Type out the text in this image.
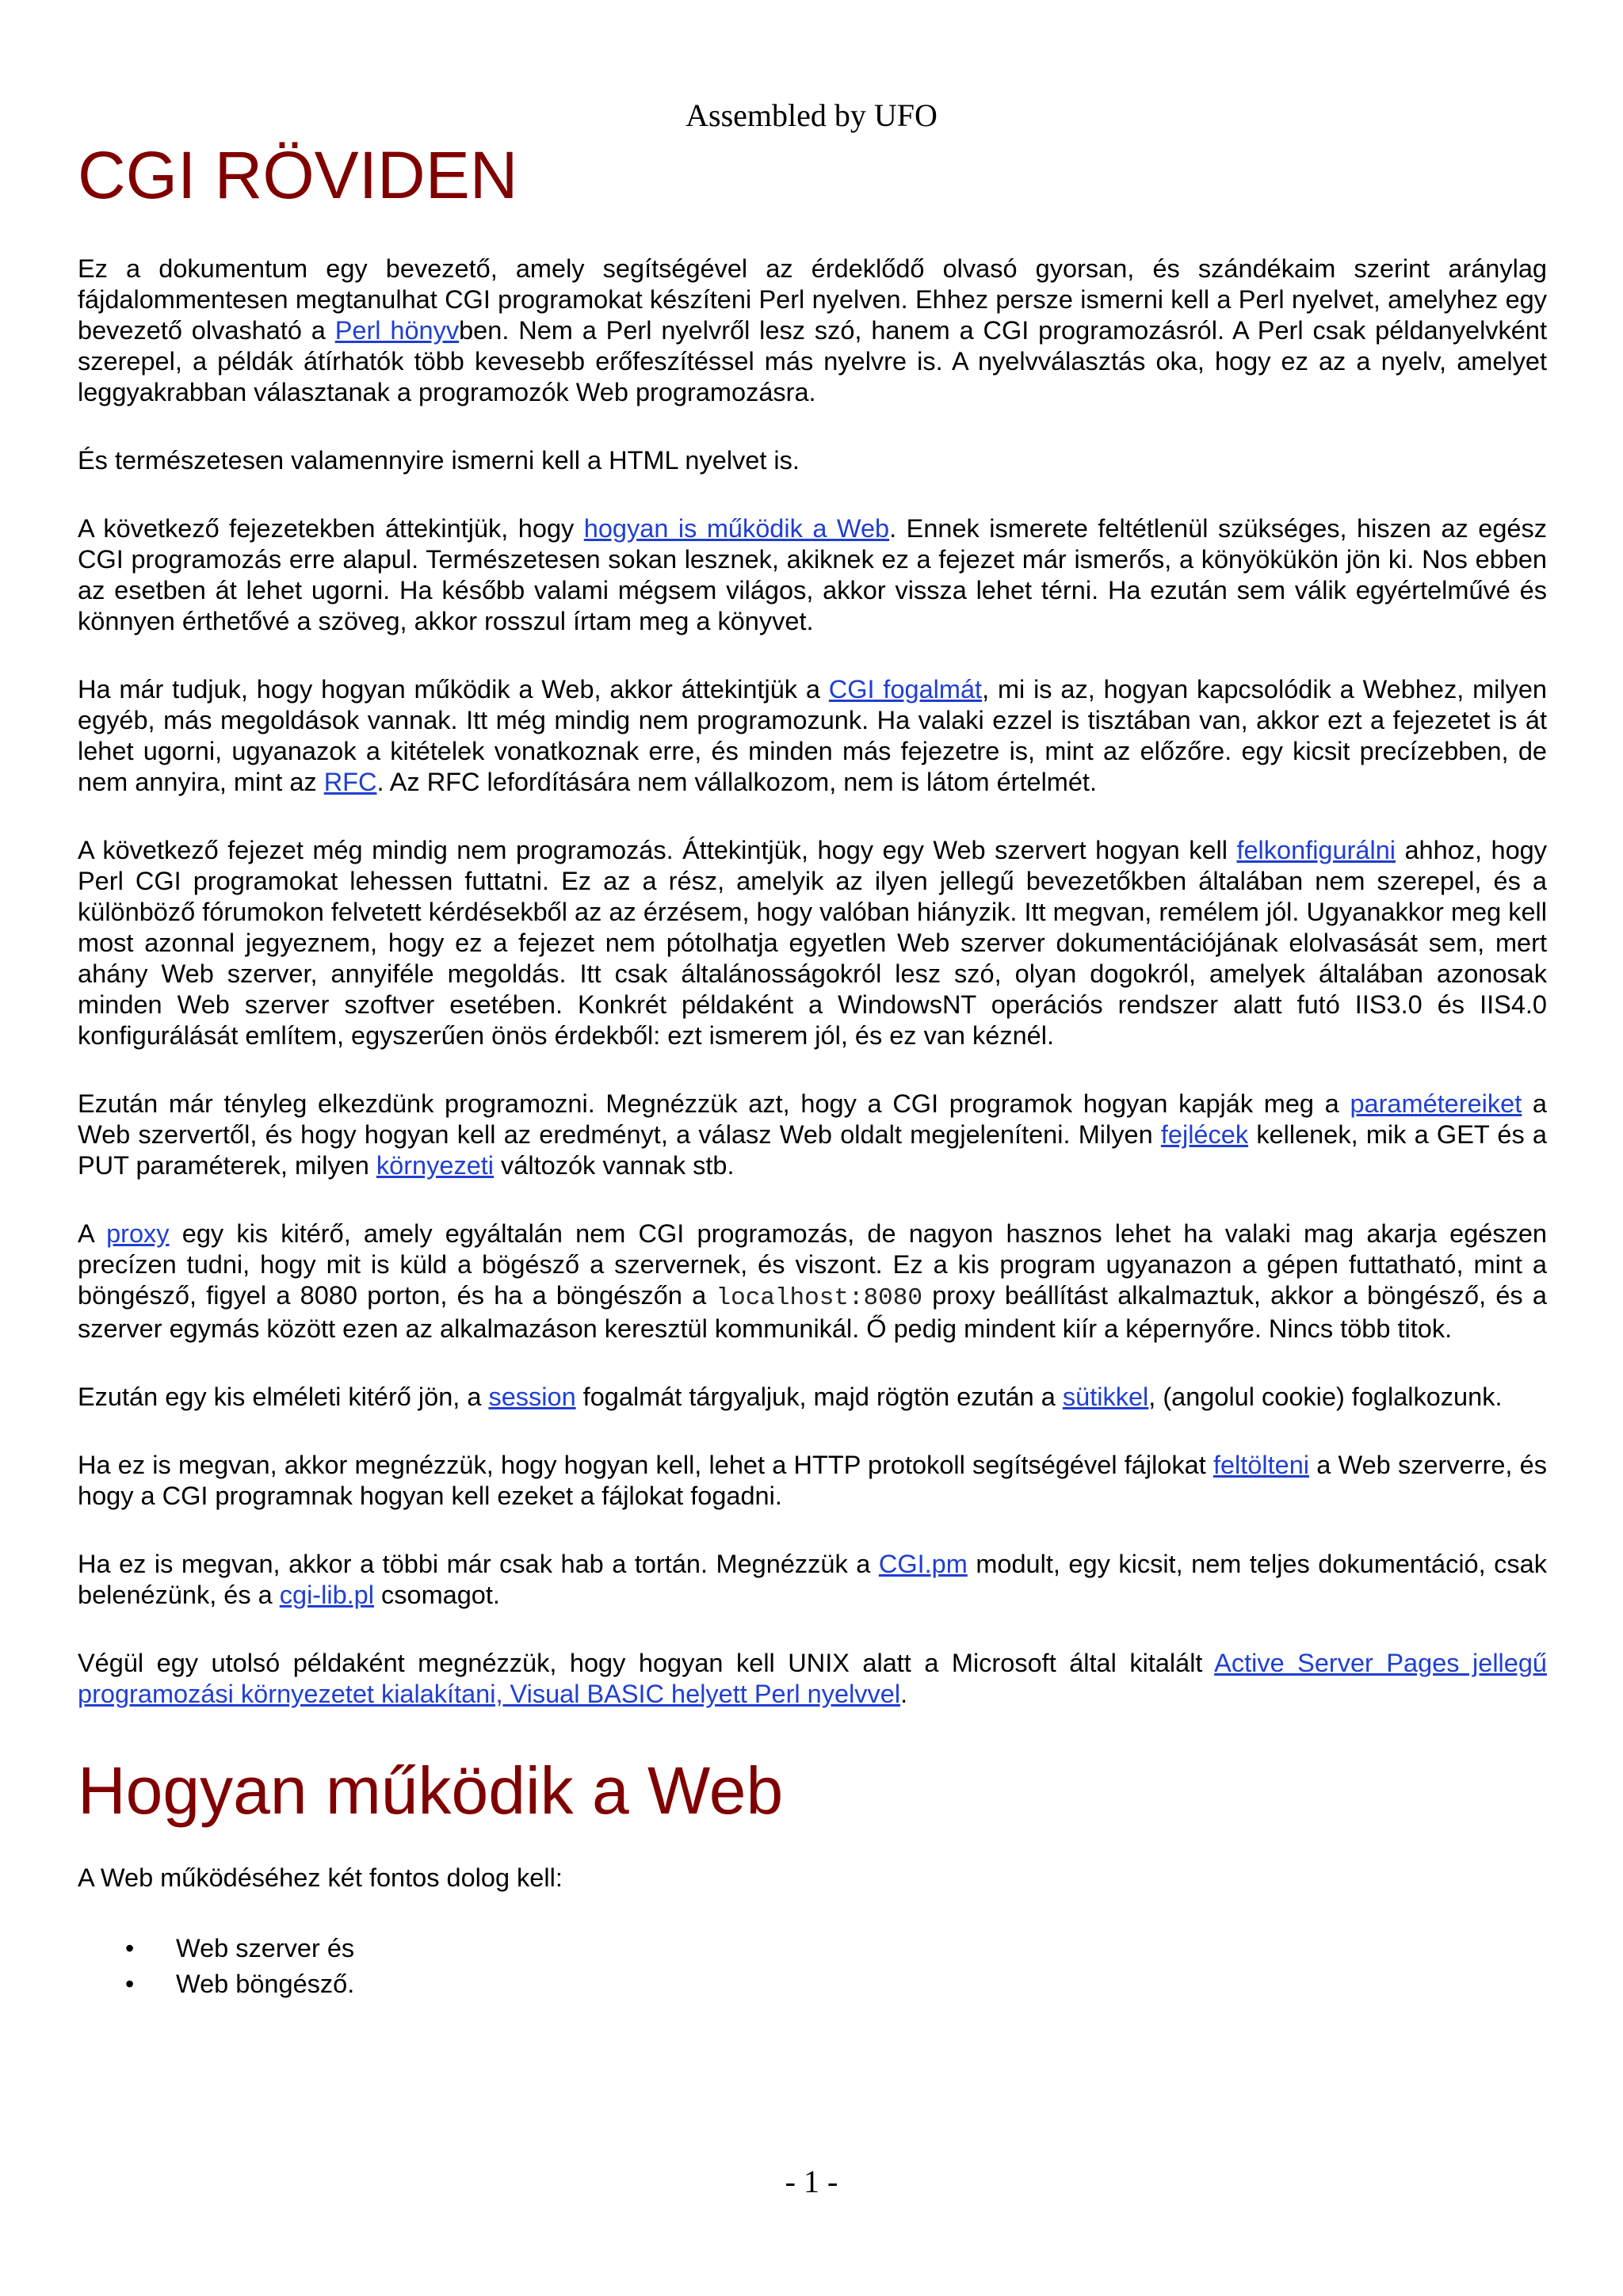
Assembled by UFO
CGI RÖVIDEN

Ez a dokumentum egy bevezető, amely segítségével az érdeklődő olvasó gyorsan, és szándékaim szerint aránylag fájdalommentesen megtanulhat CGI programokat készíteni Perl nyelven. Ehhez persze ismerni kell a Perl nyelvet, amelyhez egy bevezető olvasható a Perl hönyvben. Nem a Perl nyelvről lesz szó, hanem a CGI programozásról. A Perl csak példanyelvként szerepel, a példák átírhatók több kevesebb erőfeszítéssel más nyelvre is. A nyelvválasztás oka, hogy ez az a nyelv, amelyet leggyakrabban választanak a programozók Web programozásra.

És természetesen valamennyire ismerni kell a HTML nyelvet is.

A következő fejezetekben áttekintjük, hogy hogyan is működik a Web. Ennek ismerete feltétlenül szükséges, hiszen az egész CGI programozás erre alapul. Természetesen sokan lesznek, akiknek ez a fejezet már ismerős, a könyökükön jön ki. Nos ebben az esetben át lehet ugorni. Ha később valami mégsem világos, akkor vissza lehet térni. Ha ezután sem válik egyértelművé és könnyen érthetővé a szöveg, akkor rosszul írtam meg a könyvet.

Ha már tudjuk, hogy hogyan működik a Web, akkor áttekintjük a CGI fogalmát, mi is az, hogyan kapcsolódik a Webhez, milyen egyéb, más megoldások vannak. Itt még mindig nem programozunk. Ha valaki ezzel is tisztában van, akkor ezt a fejezetet is át lehet ugorni, ugyanazok a kitételek vonatkoznak erre, és minden más fejezetre is, mint az előzőre. egy kicsit precízebben, de nem annyira, mint az RFC. Az RFC lefordítására nem vállalkozom, nem is látom értelmét.

A következő fejezet még mindig nem programozás. Áttekintjük, hogy egy Web szervert hogyan kell felkonfigurálni ahhoz, hogy Perl CGI programokat lehessen futtatni. Ez az a rész, amelyik az ilyen jellegű bevezetőkben általában nem szerepel, és a különböző fórumokon felvetett kérdésekből az az érzésem, hogy valóban hiányzik. Itt megvan, remélem jól. Ugyanakkor meg kell most azonnal jegyeznem, hogy ez a fejezet nem pótolhatja egyetlen Web szerver dokumentációjának elolvasását sem, mert ahány Web szerver, annyiféle megoldás. Itt csak általánosságokról lesz szó, olyan dogokról, amelyek általában azonosak minden Web szerver szoftver esetében. Konkrét példaként a WindowsNT operációs rendszer alatt futó IIS3.0 és IIS4.0 konfigurálását említem, egyszerűen önös érdekből: ezt ismerem jól, és ez van kéznél.

Ezután már tényleg elkezdünk programozni. Megnézzük azt, hogy a CGI programok hogyan kapják meg a paramétereiket a Web szervertől, és hogy hogyan kell az eredményt, a válasz Web oldalt megjeleníteni. Milyen fejlécek kellenek, mik a GET és a PUT paraméterek, milyen környezeti változók vannak stb.

A proxy egy kis kitérő, amely egyáltalán nem CGI programozás, de nagyon hasznos lehet ha valaki mag akarja egészen precízen tudni, hogy mit is küld a bögésző a szervernek, és viszont. Ez a kis program ugyanazon a gépen futtatható, mint a böngésző, figyel a 8080 porton, és ha a böngészőn a localhost:8080 proxy beállítást alkalmaztuk, akkor a böngésző, és a szerver egymás között ezen az alkalmazáson keresztül kommunikál. Ő pedig mindent kiír a képernyőre. Nincs több titok.

Ezután egy kis elméleti kitérő jön, a session fogalmát tárgyaljuk, majd rögtön ezután a sütikkel, (angolul cookie) foglalkozunk.

Ha ez is megvan, akkor megnézzük, hogy hogyan kell, lehet a HTTP protokoll segítségével fájlokat feltölteni a Web szerverre, és hogy a CGI programnak hogyan kell ezeket a fájlokat fogadni.

Ha ez is megvan, akkor a többi már csak hab a tortán. Megnézzük a CGI.pm modult, egy kicsit, nem teljes dokumentáció, csak belenézünk, és a cgi-lib.pl csomagot.

Végül egy utolsó példaként megnézzük, hogy hogyan kell UNIX alatt a Microsoft által kitalált Active Server Pages jellegű programozási környezetet kialakítani, Visual BASIC helyett Perl nyelvvel.

Hogyan működik a Web

A Web működéséhez két fontos dolog kell:

• Web szerver és
• Web böngésző.
- 1 -
